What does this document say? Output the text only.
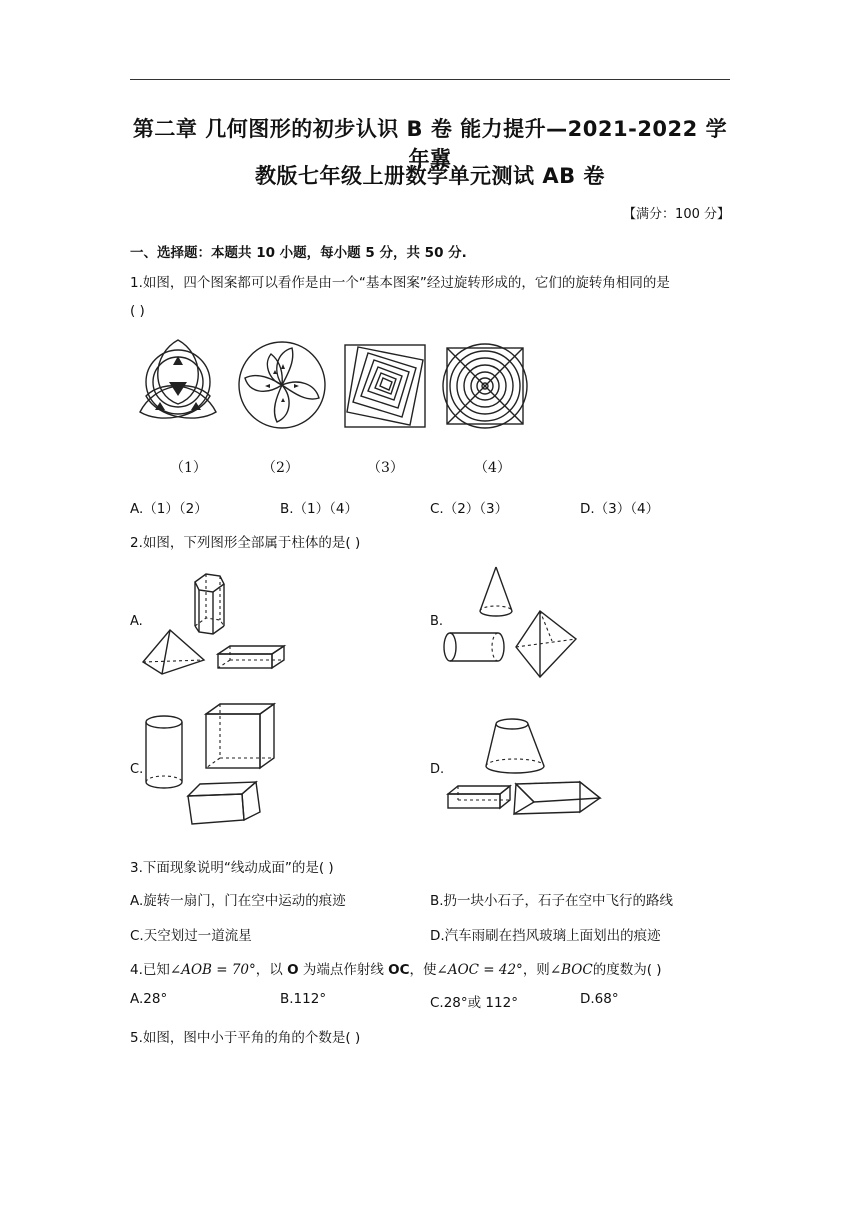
第二章 几何图形的初步认识 B 卷 能力提升—2021-2022 学年冀
教版七年级上册数学单元测试 AB 卷
【满分：100 分】
一、选择题：本题共 10 小题，每小题 5 分，共 50 分.
1.如图，四个图案都可以看作是由一个“基本图案”经过旋转形成的，它们的旋转角相同的是
( )
（1）	（2）	（3）	（4）
A.（1）（2）	B.（1）（4）	C.（2）（3）	D.（3）（4）
2.如图，下列图形全部属于柱体的是( )
A.	B.
C.	D.
3.下面现象说明“线动成面”的是( )
A.旋转一扇门，门在空中运动的痕迹	B.扔一块小石子，石子在空中飞行的路线
C.天空划过一道流星	D.汽车雨刷在挡风玻璃上面划出的痕迹
4.已知∠AOB = 70°，以 O 为端点作射线 OC，使∠AOC = 42°，则∠BOC的度数为( )
A.28°	B.112°	C.28°或 112°	D.68°
5.如图，图中小于平角的角的个数是( )
